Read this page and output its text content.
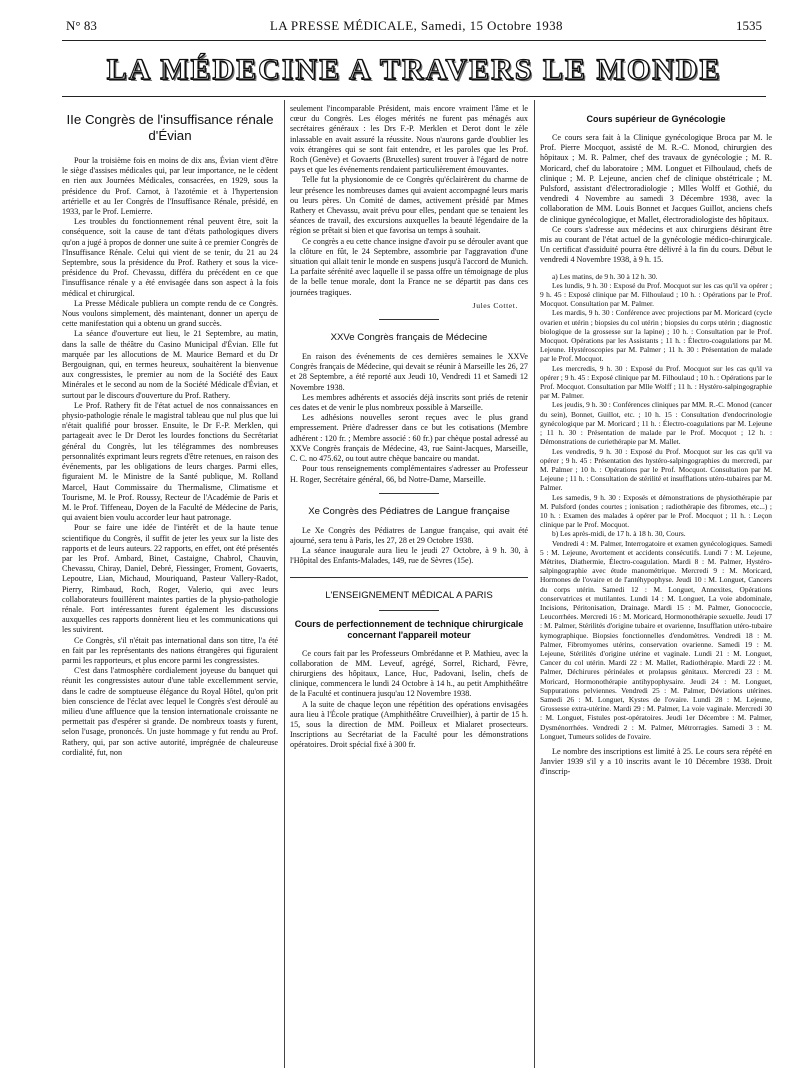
N° 83	LA PRESSE MÉDICALE, Samedi, 15 Octobre 1938	1535
LA MÉDECINE A TRAVERS LE MONDE
IIe Congrès de l'insuffisance rénale d'Évian

Pour la troisième fois en moins de dix ans, Évian vient d'être le siège d'assises médicales qui, par leur importance, ne le cèdent en rien aux Journées Médicales, consacrées, en 1929, sous la présidence du Prof. Carnot, à l'azotémie et à l'hypertension artérielle et au Ier Congrès de l'Insuffisance Rénale, présidé, en 1933, par le Prof. Lemierre.

Les troubles du fonctionnement rénal peuvent être, soit la conséquence, soit la cause de tant d'états pathologiques divers qu'on a jugé à propos de donner une suite à ce premier Congrès de l'Insuffisance Rénale. Celui qui vient de se tenir, du 21 au 24 Septembre, sous la présidence du Prof. Rathery et sous la vice-présidence du Prof. Chevassu, différa du précédent en ce que l'insuffisance rénale y a été envisagée dans son aspect à la fois médical et chirurgical.

La Presse Médicale publiera un compte rendu de ce Congrès. Nous voulons simplement, dès maintenant, donner un aperçu de cette manifestation qui a obtenu un grand succès.

La séance d'ouverture eut lieu, le 21 Septembre, au matin, dans la salle de théâtre du Casino Municipal d'Évian. Elle fut marquée par les allocutions de M. Maurice Bernard et du Dr Bergouignan, qui, en termes heureux, souhaitèrent la bienvenue aux congressistes, le premier au nom de la Société des Eaux Minérales et le second au nom de la Société Médicale d'Évian, et surtout par le discours d'ouverture du Prof. Rathery.

Le Prof. Rathery fit de l'état actuel de nos connaissances en physio-pathologie rénale le magistral tableau que nul plus que lui n'était qualifié pour brosser. Ensuite, le Dr F.-P. Merklen, qui partageait avec le Dr Derot les lourdes fonctions du Secrétariat général du Congrès, lut les télégrammes des nombreuses personnalités exprimant leurs regrets d'être retenues, en raison des événements, par les obligations de leurs charges. Parmi elles, figuraient M. le Ministre de la Santé publique, M. Rolland Marcel, Haut Commissaire du Thermalisme, Climatisme et Tourisme, M. le Prof. Roussy, Recteur de l'Académie de Paris et M. le Prof. Tiffeneau, Doyen de la Faculté de Médecine de Paris, qui avaient bien voulu accorder leur haut patronage.

Pour se faire une idée de l'intérêt et de la haute tenue scientifique du Congrès, il suffit de jeter les yeux sur la liste des rapports et de leurs auteurs. 22 rapports, en effet, ont été présentés par les Prof. Ambard, Binet, Castaigne, Chabrol, Chauvin, Chevassu, Chiray, Daniel, Debré, Fiessinger, Froment, Govaerts, Lepoutre, Lian, Michaud, Mouriquand, Pasteur Vallery-Radot, Pierry, Rimbaud, Roch, Roger, Valerio, qui avec leurs collaborateurs fouillèrent maintes parties de la physio-pathologie rénale. Fort intéressantes furent également les discussions auxquelles ces rapports donnèrent lieu et les communications qui les suivirent.

Ce Congrès, s'il n'était pas international dans son titre, l'a été en fait par les représentants des nations étrangères qui figuraient parmi les rapporteurs, et plus encore parmi les congressistes.

C'est dans l'atmosphère cordialement joyeuse du banquet qui réunit les congressistes autour d'une table excellemment servie, dans le cadre de somptueuse élégance du Royal Hôtel, qu'on prit bien conscience de l'éclat avec lequel le Congrès s'est déroulé au milieu d'une affluence que la tension internationale croissante ne permettait pas d'espérer si grande. De nombreux toasts y furent, selon l'usage, prononcés. Un juste hommage y fut rendu au Prof. Rathery, qui, par son active autorité, imprégnée de chaleureuse cordialité, fut, non

seulement l'incomparable Président, mais encore vraiment l'âme et le cœur du Congrès. Les éloges mérités ne furent pas ménagés aux secrétaires généraux : les Drs F.-P. Merklen et Derot dont le zèle inlassable en avait assuré la réussite. Nous n'aurons garde d'oublier les voix étrangères qui se sont fait entendre, et les paroles que les Prof. Roch (Genève) et Govaerts (Bruxelles) surent trouver à l'égard de notre pays et que les événements rendaient particulièrement émouvantes.

Telle fut la physionomie de ce Congrès qu'éclairèrent du charme de leur présence les nombreuses dames qui avaient accompagné leurs maris ou leurs pères. Un Comité de dames, activement présidé par Mmes Rathery et Chevassu, avait prévu pour elles, pendant que se tenaient les séances de travail, des excursions auxquelles la beauté légendaire de la région se prêtait si bien et que favorisa un temps à souhait.

Ce congrès a eu cette chance insigne d'avoir pu se dérouler avant que la clôture en fût, le 24 Septembre, assombrie par l'aggravation d'une situation qui allait tenir le monde en suspens jusqu'à l'accord de Munich. La parfaite sérénité avec laquelle il se passa offre un témoignage de plus de la belle tenue morale, dont la France ne se départit pas dans ces journées tragiques.

Jules Cottet.
XXVe Congrès français de Médecine

En raison des événements de ces dernières semaines le XXVe Congrès français de Médecine, qui devait se réunir à Marseille les 26, 27 et 28 Septembre, a été reporté aux Jeudi 10, Vendredi 11 et Samedi 12 Novembre 1938.

Les membres adhérents et associés déjà inscrits sont priés de retenir ces dates et de venir le plus nombreux possible à Marseille.

Les adhésions nouvelles seront reçues avec le plus grand empressement. Prière d'adresser dans ce but les cotisations (Membre adhérent : 120 fr. ; Membre associé : 60 fr.) par chèque postal adressé au XXVe Congrès français de Médecine, 43, rue Saint-Jacques, Marseille, C. C. no 475.62, ou tout autre chèque bancaire ou mandat.

Pour tous renseignements complémentaires s'adresser au Professeur H. Roger, Secrétaire général, 66, bd Notre-Dame, Marseille.

Xe Congrès des Pédiatres de Langue française

Le Xe Congrès des Pédiatres de Langue française, qui avait été ajourné, sera tenu à Paris, les 27, 28 et 29 Octobre 1938.

La séance inaugurale aura lieu le jeudi 27 Octobre, à 9 h. 30, à l'Hôpital des Enfants-Malades, 149, rue de Sèvres (15e).

L'ENSEIGNEMENT MÉDICAL A PARIS
Cours de perfectionnement de technique chirurgicale concernant l'appareil moteur

Ce cours fait par les Professeurs Ombrédanne et P. Mathieu, avec la collaboration de MM. Leveuf, agrégé, Sorrel, Richard, Fèvre, chirurgiens des hôpitaux, Lance, Huc, Padovani, Iselin, chefs de clinique, commencera le lundi 24 Octobre à 14 h., au petit Amphithéâtre de la Faculté et continuera jusqu'au 12 Novembre 1938.

A la suite de chaque leçon une répétition des opérations envisagées aura lieu à l'École pratique (Amphithéâtre Cruveilhier), à partir de 15 h. 15, sous la direction de MM. Poilleux et Mialaret prosecteurs. Inscriptions au Secrétariat de la Faculté pour les démonstrations opératoires. Droit spécial fixé à 300 fr.

Cours supérieur de Gynécologie

Ce cours sera fait à la Clinique gynécologique Broca par M. le Prof. Pierre Mocquot, assisté de M. R.-C. Monod, chirurgien des hôpitaux ; M. R. Palmer, chef des travaux de gynécologie ; M. R. Moricard, chef du laboratoire ; MM. Longuet et Filhoulaud, chefs de clinique ; M. P. Lejeune, ancien chef de clinique obstétricale ; M. Pulsford, assistant d'électroradiologie ; Mlles Wolff et Gothié, du vendredi 4 Novembre au samedi 3 Décembre 1938, avec la collaboration de MM. Louis Bonnet et Jacques Guillot, anciens chefs de clinique gynécologique, et Mallet, électroradiologiste des hôpitaux.

Ce cours s'adresse aux médecins et aux chirurgiens désirant être mis au courant de l'état actuel de la gynécologie médico-chirurgicale. Un certificat d'assiduité pourra être délivré à la fin du cours. Début le vendredi 4 Novembre 1938, à 9 h. 15.

a) Les matins, de 9 h. 30 à 12 h. 30.

Les lundis, 9 h. 30 : Exposé du Prof. Mocquot sur les cas qu'il va opérer ; 9 h. 45 : Exposé clinique par M. Filhoulaud ; 10 h. : Opérations par le Prof. Mocquot. Consultation par M. Palmer.

Les mardis, 9 h. 30 : Conférence avec projections par M. Moricard (cycle ovarien et utérin ; biopsies du col utérin ; biopsies du corps utérin ; diagnostic biologique de la grossesse sur la lapine) ; 10 h. : Consultation par le Prof. Mocquot. Opérations par les Assistants ; 11 h. : Électro-coagulations par M. Lejeune. Hystéroscopies par M. Palmer ; 11 h. 30 : Présentation de malade par le Prof. Mocquot.

Les mercredis, 9 h. 30 : Exposé du Prof. Mocquot sur les cas qu'il va opérer ; 9 h. 45 : Exposé clinique par M. Filhoulaud ; 10 h. : Opérations par le Prof. Mocquot. Consultation par Mlle Wolff ; 11 h. : Hystéro-salpingographie par M. Palmer.

Les jeudis, 9 h. 30 : Conférences cliniques par MM. R.-C. Monod (cancer du sein), Bonnet, Guillot, etc. ; 10 h. 15 : Consultation d'endocrinologie gynécologique par M. Moricard ; 11 h. : Électro-coagulations par M. Lejeune ; 11 h. 30 : Présentation de malade par le Prof. Mocquot ; 12 h. : Démonstrations de curiethérapie par M. Mallet.

Les vendredis, 9 h. 30 : Exposé du Prof. Mocquot sur les cas qu'il va opérer ; 9 h. 45 : Présentation des hystéro-salpingographies du mercredi, par M. Palmer ; 10 h. : Opérations par le Prof. Mocquot. Consultation par M. Lejeune ; 11 h. : Consultation de stérilité et insufflations utéro-tubaires par M. Palmer.

Les samedis, 9 h. 30 : Exposés et démonstrations de physiothérapie par M. Pulsford (ondes courtes ; ionisation ; radiothérapie des fibromes, etc...) ; 10 h. : Examen des malades à opérer par le Prof. Mocquot ; 11 h. : Leçon clinique par le Prof. Mocquot.

b) Les après-midi, de 17 h. à 18 h. 30, Cours.

Vendredi 4 : M. Palmer, Interrogatoire et examen gynécologiques. Samedi 5 : M. Lejeune, Avortement et accidents consécutifs. Lundi 7 : M. Lejeune, Métrites, Diathermie, Électro-coagulation. Mardi 8 : M. Palmer, Hystéro-salpingographie avec étude manométrique. Mercredi 9 : M. Moricard, Hormones de l'ovaire et de l'antéhypophyse. Jeudi 10 : M. Longuet, Cancers du corps utérin. Samedi 12 : M. Longuet, Annexites, Opérations conservatrices et mutilantes. Lundi 14 : M. Longuet, La voie abdominale, Incisions, Péritonisation, Drainage. Mardi 15 : M. Palmer, Gonococcie, Leucorrhées. Mercredi 16 : M. Moricard, Hormonothérapie sexuelle. Jeudi 17 : M. Palmer, Stérilités d'origine tubaire et ovarienne, Insufflation utéro-tubaire kymographique. Biopsies fonctionnelles d'endomètres. Vendredi 18 : M. Palmer, Fibromyomes utérins, conservation ovarienne. Samedi 19 : M. Lejeune, Stérilités d'origine utérine et vaginale. Lundi 21 : M. Longuet, Cancer du col utérin. Mardi 22 : M. Mallet, Radiothérapie. Mardi 22 : M. Palmer, Déchirures périnéales et prolapsus génitaux. Mercredi 23 : M. Moricard, Hormonothérapie antihypophysaire. Jeudi 24 : M. Longuet, Suppurations pelviennes. Vendredi 25 : M. Palmer, Déviations utérines. Samedi 26 : M. Longuet, Kystes de l'ovaire. Lundi 28 : M. Lejeune, Grossesse extra-utérine. Mardi 29 : M. Palmer, La voie vaginale. Mercredi 30 : M. Longuet, Fistules post-opératoires. Jeudi 1er Décembre : M. Palmer, Dysménorrhées. Vendredi 2 : M. Palmer, Métrorragies. Samedi 3 : M. Longuet, Tumeurs solides de l'ovaire.

Le nombre des inscriptions est limité à 25. Le cours sera répété en Janvier 1939 s'il y a 10 inscrits avant le 10 Décembre 1938. Droit d'inscrip-
